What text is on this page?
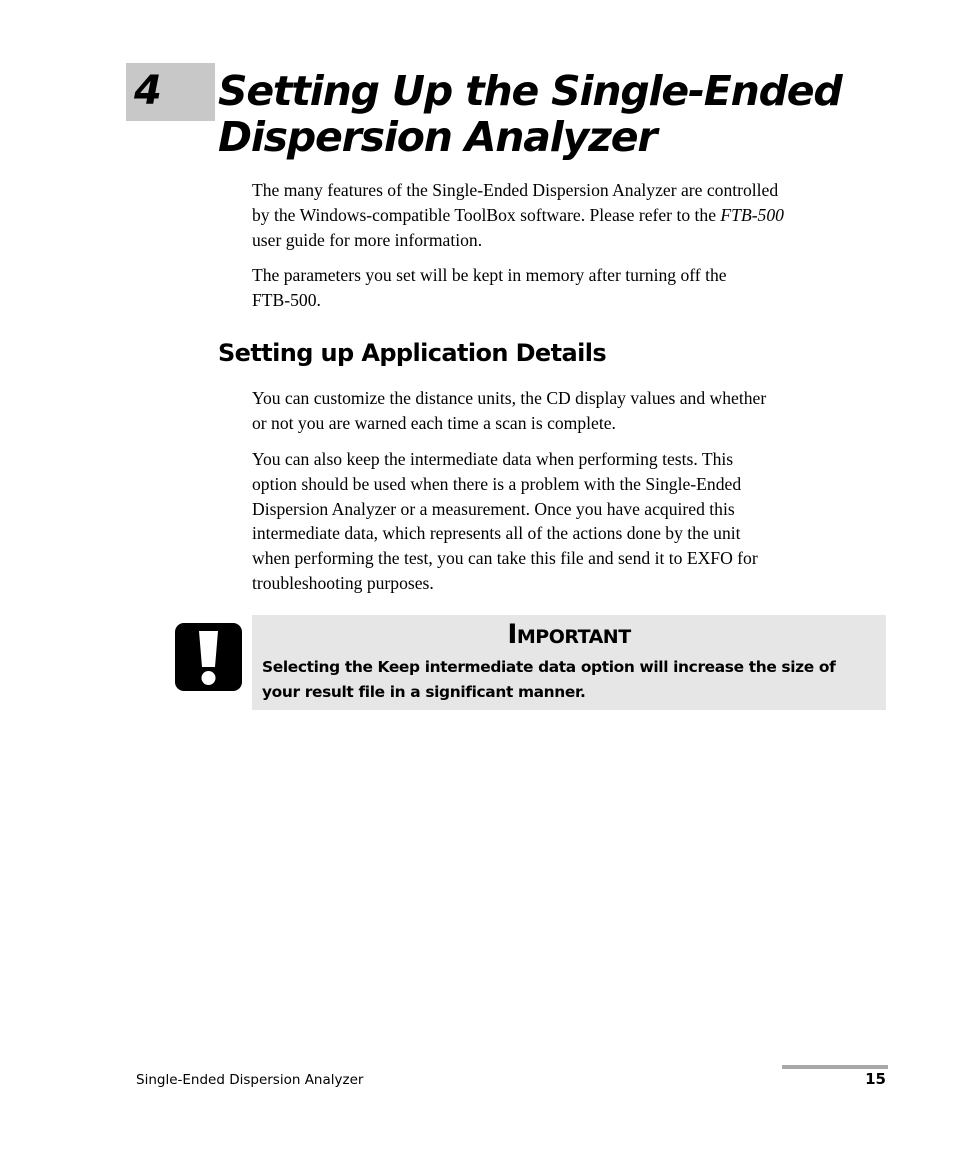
4 Setting Up the Single-Ended
Dispersion Analyzer

The many features of the Single-Ended Dispersion Analyzer are controlled
by the Windows-compatible ToolBox software. Please refer to the FTB-500
user guide for more information.

The parameters you set will be kept in memory after turning off the
FTB-500.

Setting up Application Details

You can customize the distance units, the CD display values and whether
or not you are warned each time a scan is complete.

You can also keep the intermediate data when performing tests. This
option should be used when there is a problem with the Single-Ended
Dispersion Analyzer or a measurement. Once you have acquired this
intermediate data, which represents all of the actions done by the unit
when performing the test, you can take this file and send it to EXFO for
troubleshooting purposes.

Important

Selecting the Keep intermediate data option will increase the size of
your result file in a significant manner.

Single-Ended Dispersion Analyzer	15
